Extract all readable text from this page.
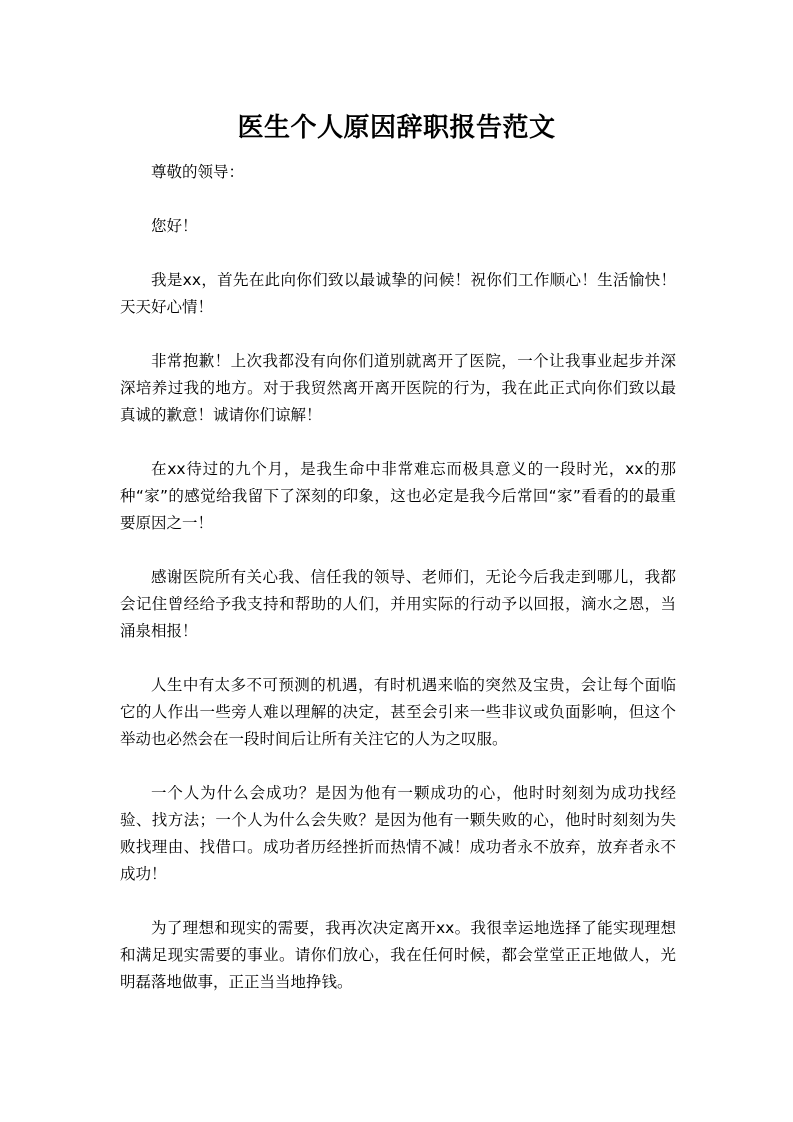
医生个人原因辞职报告范文

尊敬的领导：

您好！

我是xx，首先在此向你们致以最诚挚的问候！祝你们工作顺心！生活愉快！天天好心情！

非常抱歉！上次我都没有向你们道别就离开了医院，一个让我事业起步并深深培养过我的地方。对于我贸然离开离开医院的行为，我在此正式向你们致以最真诚的歉意！诚请你们谅解！

在xx待过的九个月，是我生命中非常难忘而极具意义的一段时光，xx的那种“家”的感觉给我留下了深刻的印象，这也必定是我今后常回“家”看看的的最重要原因之一！

感谢医院所有关心我、信任我的领导、老师们，无论今后我走到哪儿，我都会记住曾经给予我支持和帮助的人们，并用实际的行动予以回报，滴水之恩，当涌泉相报！

人生中有太多不可预测的机遇，有时机遇来临的突然及宝贵，会让每个面临它的人作出一些旁人难以理解的决定，甚至会引来一些非议或负面影响，但这个举动也必然会在一段时间后让所有关注它的人为之叹服。

一个人为什么会成功？是因为他有一颗成功的心，他时时刻刻为成功找经验、找方法；一个人为什么会失败？是因为他有一颗失败的心，他时时刻刻为失败找理由、找借口。成功者历经挫折而热情不减！成功者永不放弃，放弃者永不成功！

为了理想和现实的需要，我再次决定离开xx。我很幸运地选择了能实现理想和满足现实需要的事业。请你们放心，我在任何时候，都会堂堂正正地做人，光明磊落地做事，正正当当地挣钱。
